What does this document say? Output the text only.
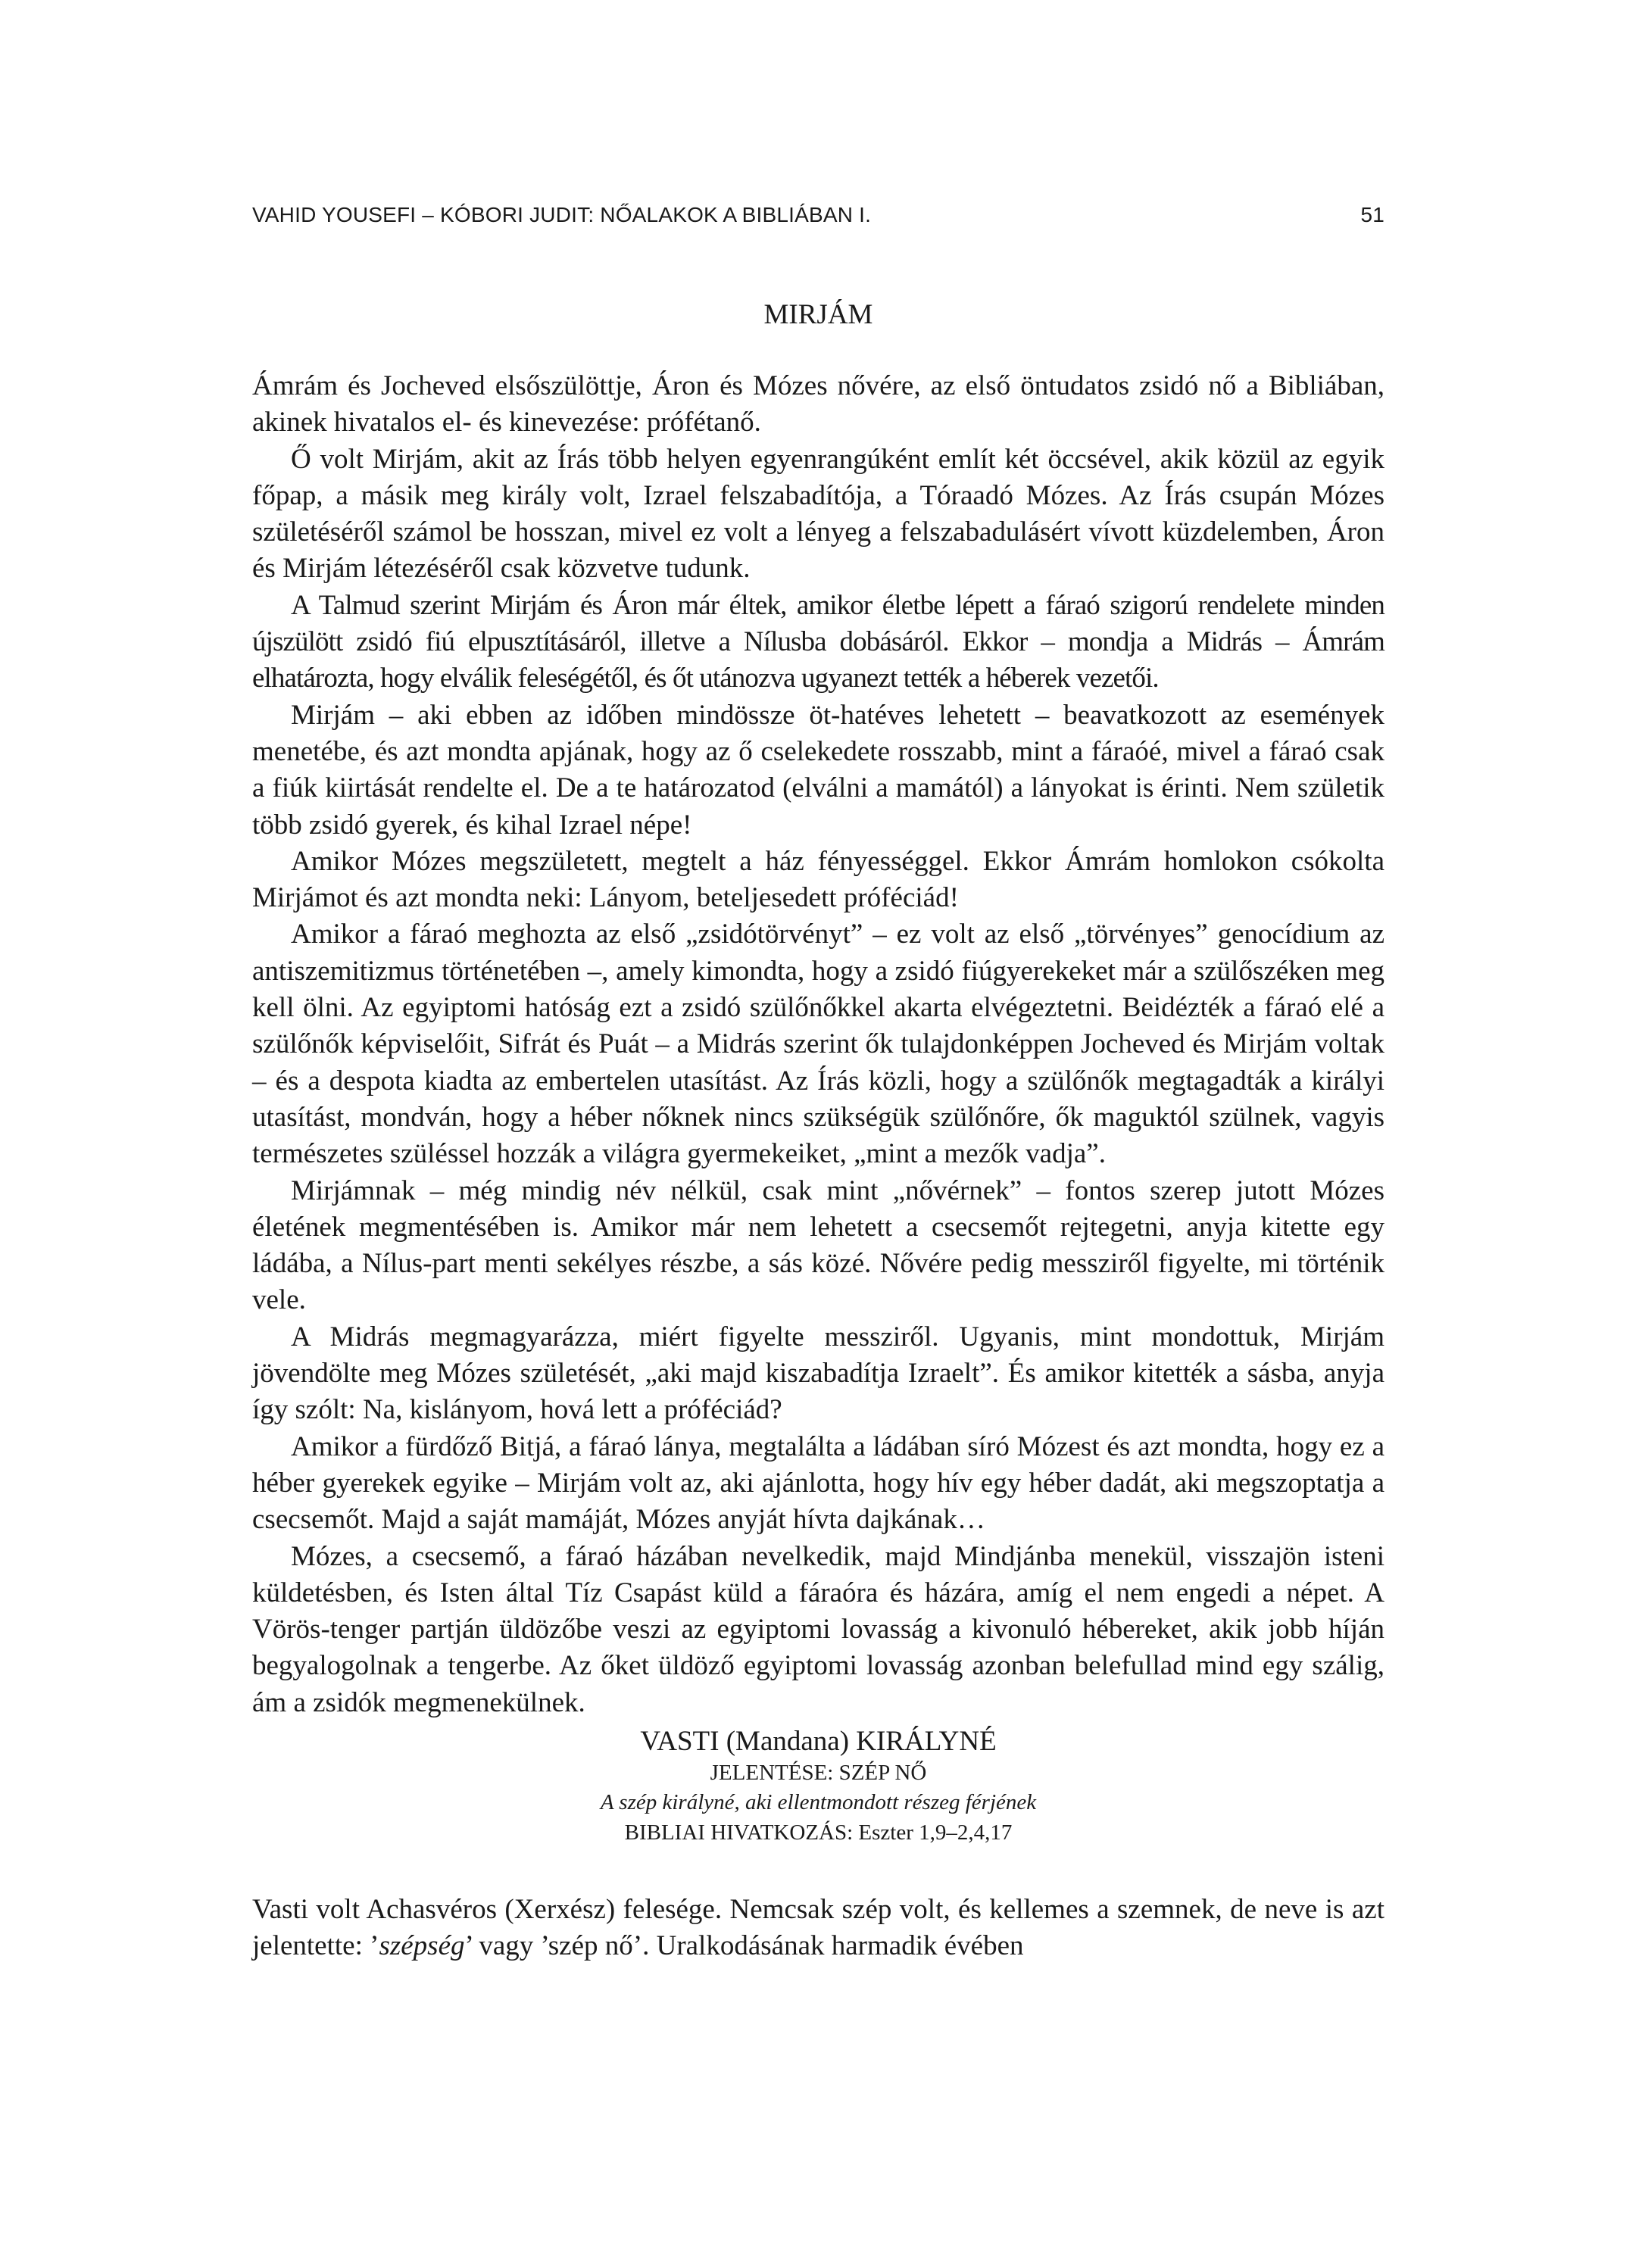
VAHID YOUSEFI – KÓBORI JUDIT: NŐALAKOK A BIBLIÁBAN I.	51
MIRJÁM

Ámrám és Jocheved elsőszülöttje, Áron és Mózes nővére, az első öntudatos zsidó nő a Bibliában, akinek hivatalos el- és kinevezése: prófétanő.

Ő volt Mirjám, akit az Írás több helyen egyenrangúként említ két öccsével, akik közül az egyik főpap, a másik meg király volt, Izrael felszabadítója, a Tóraadó Mózes. Az Írás csupán Mózes születéséről számol be hosszan, mivel ez volt a lényeg a felszabadulásért vívott küzdelemben, Áron és Mirjám létezéséről csak közvetve tudunk.

A Talmud szerint Mirjám és Áron már éltek, amikor életbe lépett a fáraó szigorú rendelete minden újszülött zsidó fiú elpusztításáról, illetve a Nílusba dobásáról. Ekkor – mondja a Midrás – Ámrám elhatározta, hogy elválik feleségétől, és őt utánozva ugyanezt tették a héberek vezetői.

Mirjám – aki ebben az időben mindössze öt-hatéves lehetett – beavatkozott az események menetébe, és azt mondta apjának, hogy az ő cselekedete rosszabb, mint a fáraóé, mivel a fáraó csak a fiúk kiirtását rendelte el. De a te határozatod (elválni a mamától) a lányokat is érinti. Nem születik több zsidó gyerek, és kihal Izrael népe!

Amikor Mózes megszületett, megtelt a ház fényességgel. Ekkor Ámrám homlokon csókolta Mirjámot és azt mondta neki: Lányom, beteljesedett próféciád!

Amikor a fáraó meghozta az első „zsidótörvényt” – ez volt az első „törvényes” genocídium az antiszemitizmus történetében –, amely kimondta, hogy a zsidó fiúgyerekeket már a szülőszéken meg kell ölni. Az egyiptomi hatóság ezt a zsidó szülőnőkkel akarta elvégeztetni. Beidézték a fáraó elé a szülőnők képviselőit, Sifrát és Puát – a Midrás szerint ők tulajdonképpen Jocheved és Mirjám voltak – és a despota kiadta az embertelen utasítást. Az Írás közli, hogy a szülőnők megtagadták a királyi utasítást, mondván, hogy a héber nőknek nincs szükségük szülőnőre, ők maguktól szülnek, vagyis természetes szüléssel hozzák a világra gyermekeiket, „mint a mezők vadja”.

Mirjámnak – még mindig név nélkül, csak mint „nővérnek” – fontos szerep jutott Mózes életének megmentésében is. Amikor már nem lehetett a csecsemőt rejtegetni, anyja kitette egy ládába, a Nílus-part menti sekélyes részbe, a sás közé. Nővére pedig messziről figyelte, mi történik vele.

A Midrás megmagyarázza, miért figyelte messziről. Ugyanis, mint mondottuk, Mirjám jövendölte meg Mózes születését, „aki majd kiszabadítja Izraelt”. És amikor kitették a sásba, anyja így szólt: Na, kislányom, hová lett a próféciád?

Amikor a fürdőző Bitjá, a fáraó lánya, megtalálta a ládában síró Mózest és azt mondta, hogy ez a héber gyerekek egyike – Mirjám volt az, aki ajánlotta, hogy hív egy héber dadát, aki megszoptatja a csecsemőt. Majd a saját mamáját, Mózes anyját hívta dajkának…

Mózes, a csecsemő, a fáraó házában nevelkedik, majd Mindjánba menekül, visszajön isteni küldetésben, és Isten által Tíz Csapást küld a fáraóra és házára, amíg el nem engedi a népet. A Vörös-tenger partján üldözőbe veszi az egyiptomi lovasság a kivonuló hébereket, akik jobb híján begyalogolnak a tengerbe. Az őket üldöző egyiptomi lovasság azonban belefullad mind egy szálig, ám a zsidók megmenekülnek.

VASTI (Mandana) KIRÁLYNÉ
JELENTÉSE: SZÉP NŐ
A szép királyné, aki ellentmondott részeg férjének
BIBLIAI HIVATKOZÁS: Eszter 1,9–2,4,17

Vasti volt Achasvéros (Xerxész) felesége. Nemcsak szép volt, és kellemes a szemnek, de neve is azt jelentette: ’szépség’ vagy ’szép nő’. Uralkodásának harmadik évében
